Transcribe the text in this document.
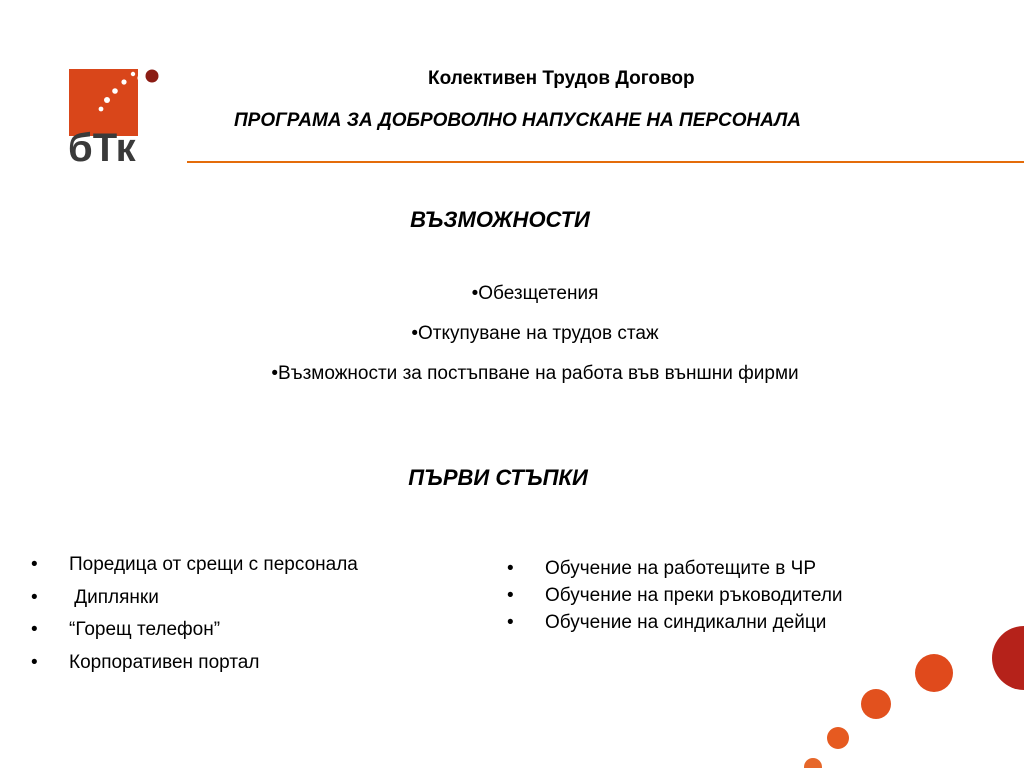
бТк
Колективен Трудов Договор
ПРОГРАМА ЗА ДОБРОВОЛНО НАПУСКАНЕ НА ПЕРСОНАЛА
ВЪЗМОЖНОСТИ
•Обезщетения
•Откупуване на трудов стаж
•Възможности за постъпване на работа във външни фирми
ПЪРВИ СТЪПКИ
• Поредица от срещи с персонала
•  Диплянки
• “Горещ телефон”
• Корпоративен портал
• Обучение на работещите в ЧР
• Обучение на преки ръководители
• Обучение на синдикални дейци
